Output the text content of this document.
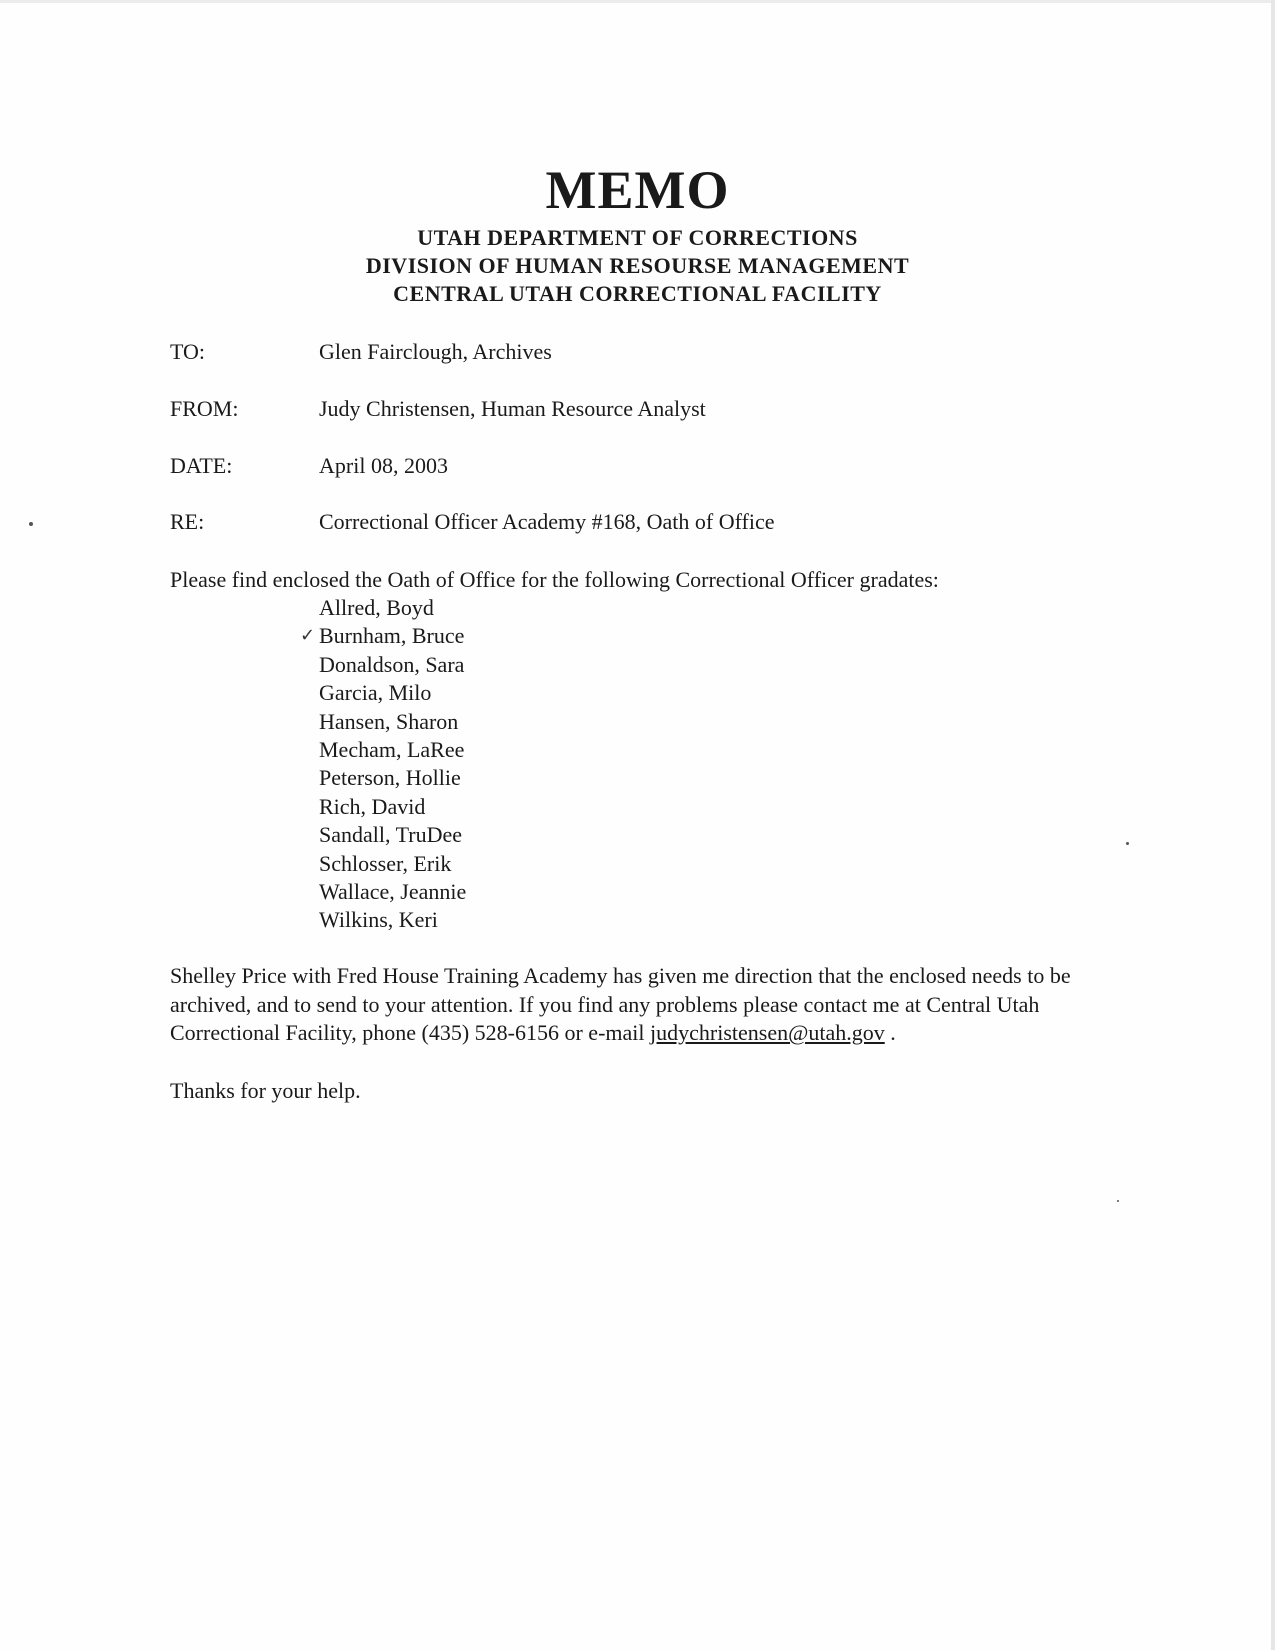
MEMO
UTAH DEPARTMENT OF CORRECTIONS
DIVISION OF HUMAN RESOURSE MANAGEMENT
CENTRAL UTAH CORRECTIONAL FACILITY
TO:	Glen Fairclough, Archives
FROM:	Judy Christensen, Human Resource Analyst
DATE:	April 08, 2003
RE:	Correctional Officer Academy #168, Oath of Office
Please find enclosed the Oath of Office for the following Correctional Officer gradates:
Allred, Boyd
✓ Burnham, Bruce
Donaldson, Sara
Garcia, Milo
Hansen, Sharon
Mecham, LaRee
Peterson, Hollie
Rich, David
Sandall, TruDee
Schlosser, Erik
Wallace, Jeannie
Wilkins, Keri
Shelley Price with Fred House Training Academy has given me direction that the enclosed needs to be archived, and to send to your attention. If you find any problems please contact me at Central Utah Correctional Facility, phone (435) 528-6156 or e-mail judychristensen@utah.gov .
Thanks for your help.
